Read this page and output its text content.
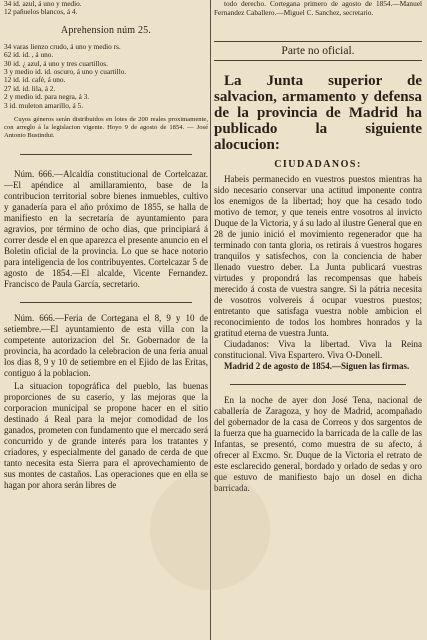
34 id. azul, á uno y medio.
12 pañuelos blancos, á 4.
Aprehension núm 25.
34 varas lienzo crudo, á uno y medio rs.
62 id. id. , á uno.
30 id. ¿ azul, á uno y tres cuartillos.
3 y medio id. id. oscuro, á uno y cuartillo.
12 id. id. café, á uno.
27 id. id. lila, á 2.
2 y medio id. para negra, á 3.
3 id. muleton amarillo, á 5.

Cuyos géneros serán distribuidos en lotes de 200 reales proximamente, con arreglo á la legislacion vigente. Hoyo 9 de agosto de 1854. — José Antonio Bustindui.

Núm. 666.—Alcaldía constitucional de Cortelcazar.—El apéndice al amillaramiento, base de la contribucion territorial sobre bienes inmuebles, cultivo y ganadería para el año próximo de 1855, se halla de manifiesto en la secretaría de ayuntamiento para agravios, por término de ocho dias, que principiará á correr desde el en que aparezca el presente anuncio en el Boletin oficial de la provincia. Lo que se hace notorio para inteligencia de los contribuyentes. Cortelcazar 5 de agosto de 1854.—El alcalde, Vicente Fernandez. Francisco de Paula García, secretario.

Núm. 666.—Feria de Cortegana el 8, 9 y 10 de setiembre.—El ayuntamiento de esta villa con la competente autorizacion del Sr. Gobernador de la provincia, ha acordado la celebracion de una feria anual los dias 8, 9 y 10 de setiembre en el Ejido de las Eritas, contiguo á la poblacion.

La situacion topográfica del pueblo, las buenas proporciones de su caserío, y las mejoras que la corporacion municipal se propone hacer en el sitio destinado á Real para la mejor comodidad de los ganados, prometen con fundamento que el mercado será concurrido y de grande interés para los tratantes y criadores, y especialmente del ganado de cerda de que tanto necesita esta Sierra para el aprovechamiento de sus montes de castaños. Las operaciones que en ella se hagan por ahora serán libres de

todo derecho. Cortegana primero de agosto de 1854.—Manuel Fernandez Caballero.—Miguel C. Sanchez, secretario.

Parte no oficial.

La Junta superior de salvacion, armamento y defensa de la provincia de Madrid ha publicado la siguiente alocucion:

CIUDADANOS:

Habeis permanecido en vuestros puestos mientras ha sido necesario conservar una actitud imponente contra los enemigos de la libertad; hoy que ha cesado todo motivo de temor, y que teneis entre vosotros al invicto Duque de la Victoria, y á su lado al ilustre General que en 28 de junio inició el movimiento regenerador que ha terminado con tanta gloria, os retirais á vuestros hogares tranquilos y satisfechos, con la conciencia de haber llenado vuestro deber. La Junta publicará vuestras virtudes y propondrá las recompensas que habeis merecido á costa de vuestra sangre. Si la pátria necesita de vosotros volvereis á ocupar vuestros puestos; entretanto que satisfaga vuestra noble ambicion el reconocimiento de todos los hombres honrados y la gratitud eterna de vuestra Junta.

Ciudadanos: Viva la libertad. Viva la Reina constitucional. Viva Espartero. Viva O-Donell.

Madrid 2 de agosto de 1854.—Siguen las firmas.

En la noche de ayer don José Tena, nacional de caballería de Zaragoza, y hoy de Madrid, acompañado del gobernador de la casa de Correos y dos sargentos de la fuerza que ha guarnecido la barricada de la calle de las Infantas, se presentó, como muestra de su afecto, á ofrecer al Excmo. Sr. Duque de la Victoria el retrato de este esclarecido general, bordado y orlado de sedas y oro que estuvo de manifiesto bajo un dosel en dicha barricada.
